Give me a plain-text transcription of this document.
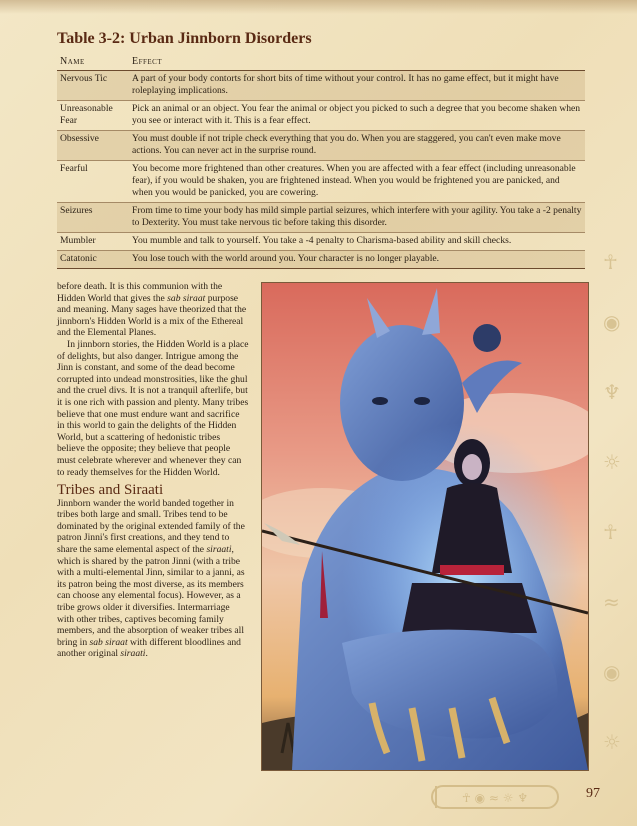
Table 3-2: Urban Jinnborn Disorders
Name	Effect
Nervous Tic	A part of your body contorts for short bits of time without your control. It has no game effect, but it might have roleplaying implications.
Unreasonable Fear	Pick an animal or an object. You fear the animal or object you picked to such a degree that you become shaken when you see or interact with it. This is a fear effect.
Obsessive	You must double if not triple check everything that you do. When you are staggered, you can't even make move actions. You can never act in the surprise round.
Fearful	You become more frightened than other creatures. When you are affected with a fear effect (including unreasonable fear), if you would be shaken, you are frightened instead. When you would be frightened you are panicked, and when you would be panicked, you are cowering.
Seizures	From time to time your body has mild simple partial seizures, which interfere with your agility. You take a -2 penalty to Dexterity. You must take nervous tic before taking this disorder.
Mumbler	You mumble and talk to yourself. You take a -4 penalty to Charisma-based ability and skill checks.
Catatonic	You lose touch with the world around you. Your character is no longer playable.

before death. It is this communion with the Hidden World that gives the sab siraat purpose and meaning. Many sages have theorized that the jinnborn's Hidden World is a mix of the Ethereal and the Elemental Planes.

In jinnborn stories, the Hidden World is a place of delights, but also danger. Intrigue among the Jinn is constant, and some of the dead become corrupted into undead monstrosities, like the ghul and the cruel divs. It is not a tranquil afterlife, but it is one rich with passion and plenty. Many tribes believe that one must endure want and sacrifice in this world to gain the delights of the Hidden World, but a scattering of hedonistic tribes believe the opposite; they believe that people must celebrate wherever and whenever they can to ready themselves for the Hidden World.

Tribes and Siraati

Jinnborn wander the world banded together in tribes both large and small. Tribes tend to be dominated by the original extended family of the patron Jinni's first creations, and they tend to share the same elemental aspect of the siraati, which is shared by the patron Jinni (with a tribe with a multi-elemental Jinn, similar to a janni, as its patron being the most diverse, as its members can choose any elemental focus). However, as a tribe grows older it diversifies. Intermarriage with other tribes, captives becoming family members, and the absorption of weaker tribes all bring in sab siraat with different bloodlines and another original siraati.

☥
◉
♆
☼
☥
≈
◉
☼
☥ ◉ ≈ ☼ ♆	97
